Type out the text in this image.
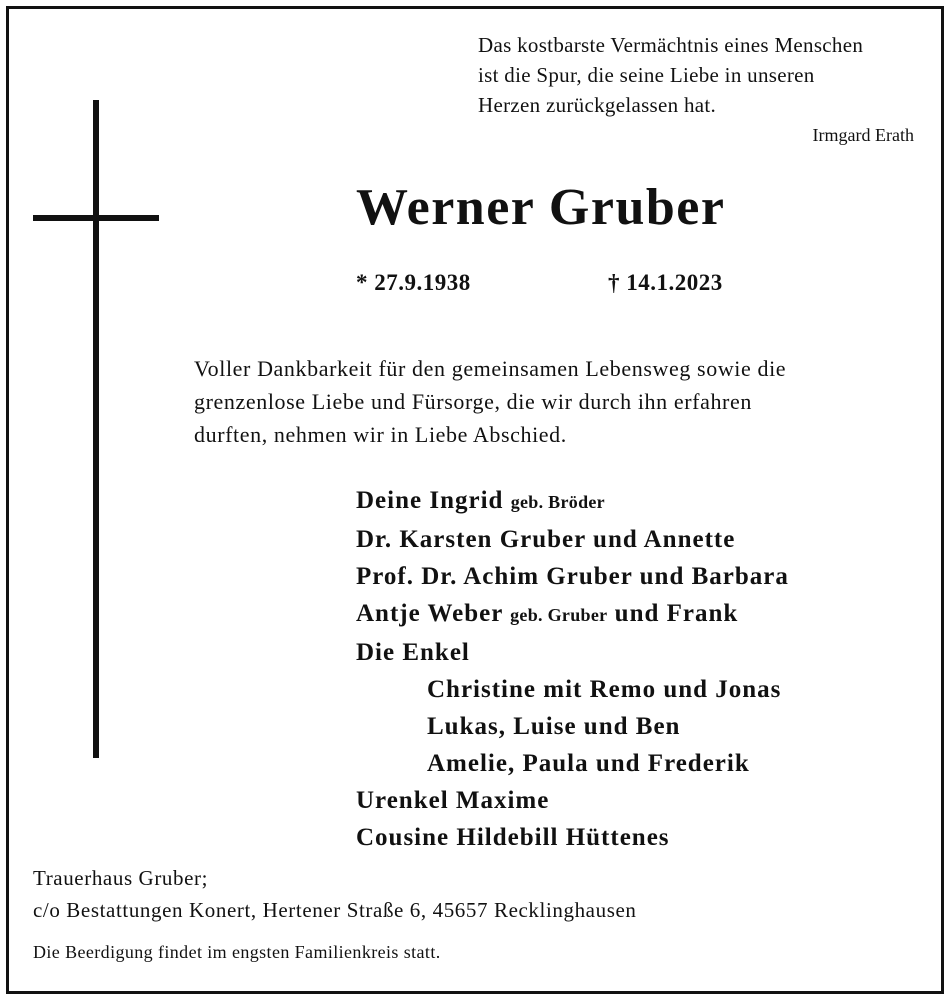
Das kostbarste Vermächtnis eines Menschen
ist die Spur, die seine Liebe in unseren
Herzen zurückgelassen hat.
Irmgard Erath
Werner Gruber
* 27.9.1938	† 14.1.2023
Voller Dankbarkeit für den gemeinsamen Lebensweg sowie die
grenzenlose Liebe und Fürsorge, die wir durch ihn erfahren
durften, nehmen wir in Liebe Abschied.
Deine Ingrid geb. Bröder
Dr. Karsten Gruber und Annette
Prof. Dr. Achim Gruber und Barbara
Antje Weber geb. Gruber und Frank
Die Enkel
Christine mit Remo und Jonas
Lukas, Luise und Ben
Amelie, Paula und Frederik
Urenkel Maxime
Cousine Hildebill Hüttenes
Trauerhaus Gruber;
c/o Bestattungen Konert, Hertener Straße 6, 45657 Recklinghausen
Die Beerdigung findet im engsten Familienkreis statt.
